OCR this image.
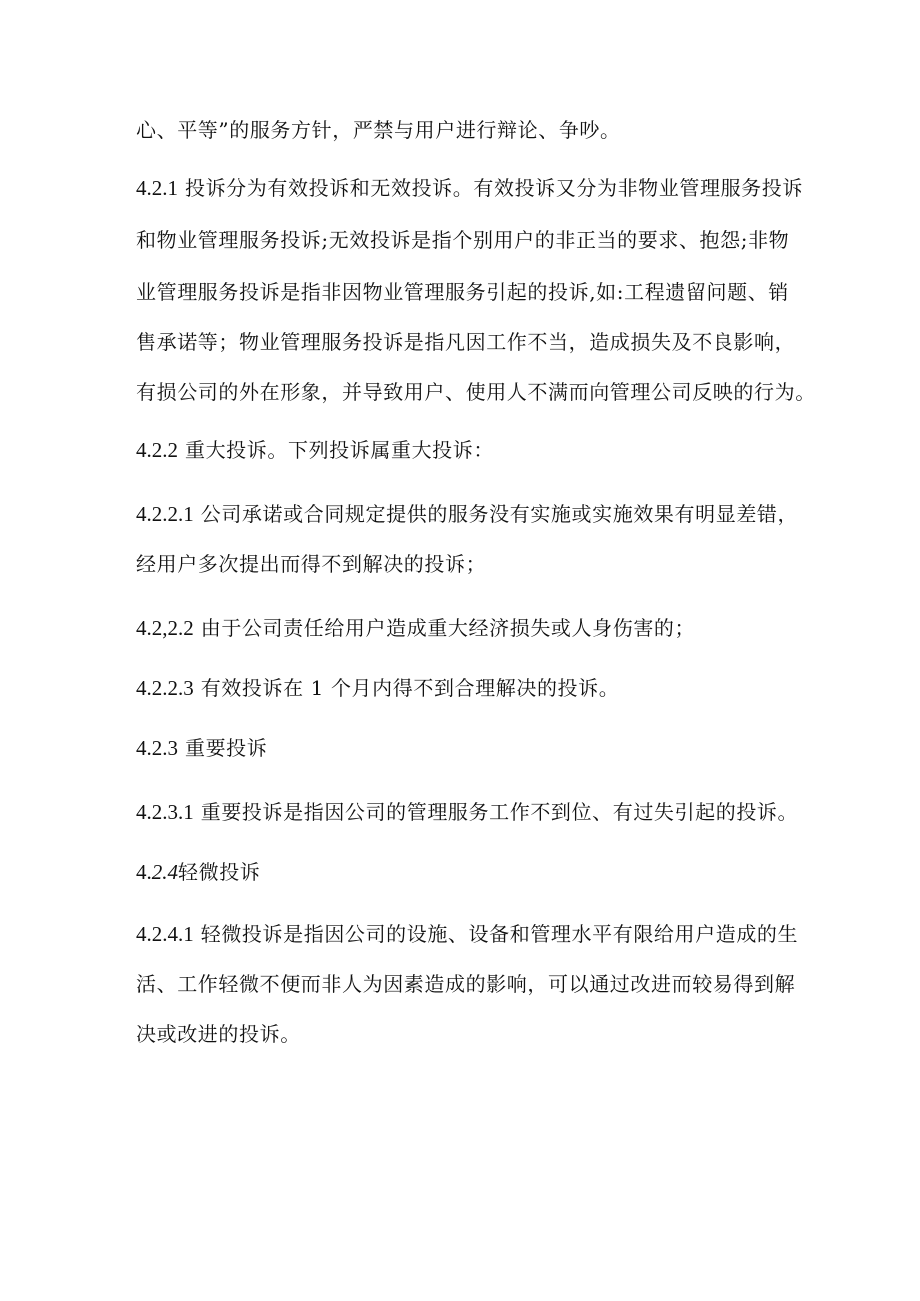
心、平等”的服务方针，严禁与用户进行辩论、争吵。
4.2.1 投诉分为有效投诉和无效投诉。有效投诉又分为非物业管理服务投诉
和物业管理服务投诉;无效投诉是指个别用户的非正当的要求、抱怨;非物
业管理服务投诉是指非因物业管理服务引起的投诉,如:工程遗留问题、销
售承诺等；物业管理服务投诉是指凡因工作不当，造成损失及不良影响，
有损公司的外在形象，并导致用户、使用人不满而向管理公司反映的行为。
4.2.2 重大投诉。下列投诉属重大投诉：
4.2.2.1 公司承诺或合同规定提供的服务没有实施或实施效果有明显差错，
经用户多次提出而得不到解决的投诉；
4.2,2.2 由于公司责任给用户造成重大经济损失或人身伤害的；
4.2.2.3 有效投诉在 1 个月内得不到合理解决的投诉。
4.2.3 重要投诉
4.2.3.1 重要投诉是指因公司的管理服务工作不到位、有过失引起的投诉。
4.2.4轻微投诉
4.2.4.1 轻微投诉是指因公司的设施、设备和管理水平有限给用户造成的生
活、工作轻微不便而非人为因素造成的影响，可以通过改进而较易得到解
决或改进的投诉。
